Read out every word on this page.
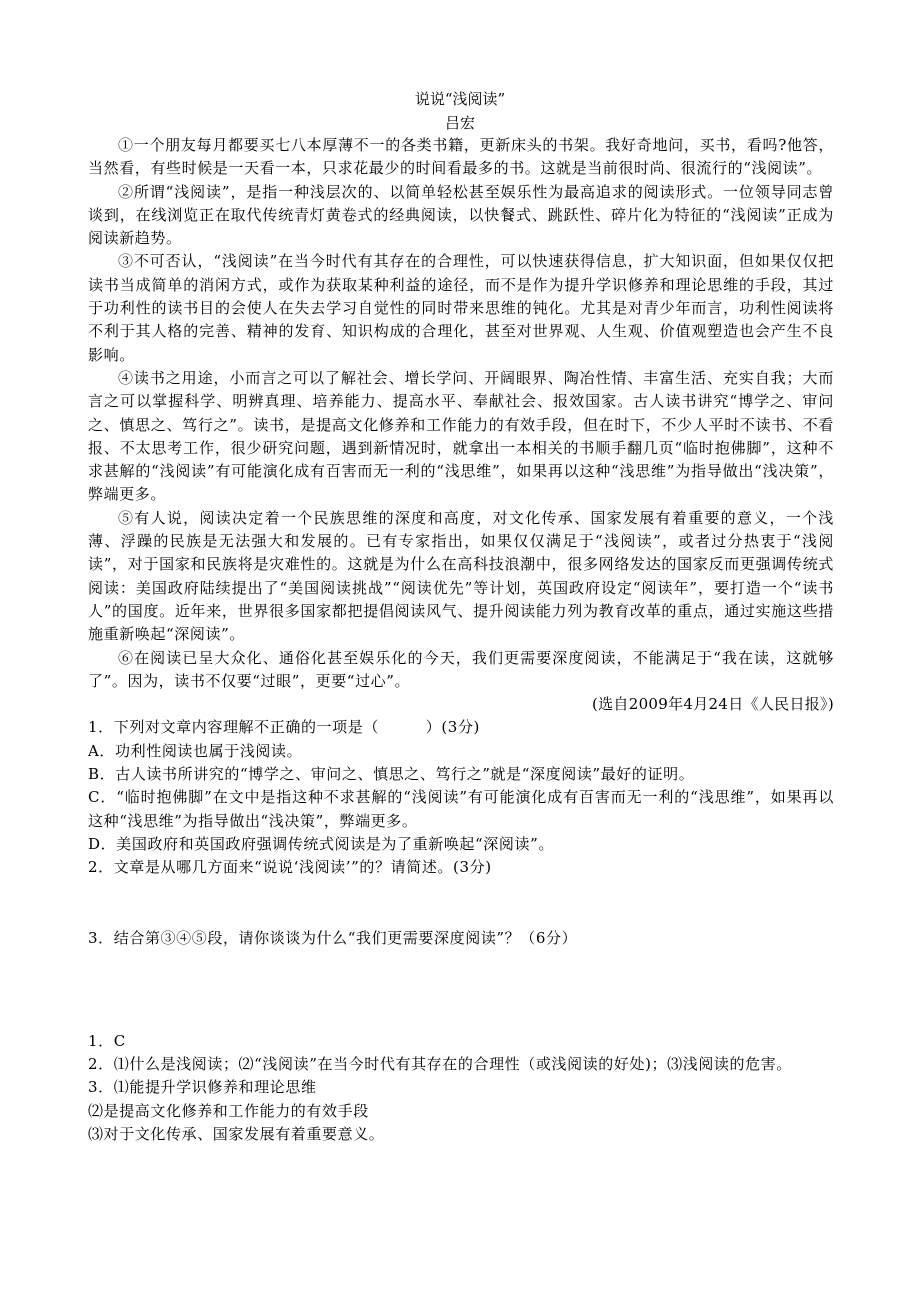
说说“浅阅读”
吕宏

①一个朋友每月都要买七八本厚薄不一的各类书籍，更新床头的书架。我好奇地问，买书，看吗?他答，当然看，有些时候是一天看一本，只求花最少的时间看最多的书。这就是当前很时尚、很流行的“浅阅读”。

②所谓“浅阅读”，是指一种浅层次的、以简单轻松甚至娱乐性为最高追求的阅读形式。一位领导同志曾谈到，在线浏览正在取代传统青灯黄卷式的经典阅读，以快餐式、跳跃性、碎片化为特征的“浅阅读”正成为阅读新趋势。

③不可否认，“浅阅读”在当今时代有其存在的合理性，可以快速获得信息，扩大知识面，但如果仅仅把读书当成简单的消闲方式，或作为获取某种利益的途径，而不是作为提升学识修养和理论思维的手段，其过于功利性的读书目的会使人在失去学习自觉性的同时带来思维的钝化。尤其是对青少年而言，功利性阅读将不利于其人格的完善、精神的发育、知识构成的合理化，甚至对世界观、人生观、价值观塑造也会产生不良影响。

④读书之用途，小而言之可以了解社会、增长学问、开阔眼界、陶冶性情、丰富生活、充实自我；大而言之可以掌握科学、明辨真理、培养能力、提高水平、奉献社会、报效国家。古人读书讲究“博学之、审问之、慎思之、笃行之”。读书，是提高文化修养和工作能力的有效手段，但在时下，不少人平时不读书、不看报、不太思考工作，很少研究问题，遇到新情况时，就拿出一本相关的书顺手翻几页“临时抱佛脚”，这种不求甚解的“浅阅读”有可能演化成有百害而无一利的“浅思维”，如果再以这种“浅思维”为指导做出“浅决策”，弊端更多。

⑤有人说，阅读决定着一个民族思维的深度和高度，对文化传承、国家发展有着重要的意义，一个浅薄、浮躁的民族是无法强大和发展的。已有专家指出，如果仅仅满足于“浅阅读”，或者过分热衷于“浅阅读”，对于国家和民族将是灾难性的。这就是为什么在高科技浪潮中，很多网络发达的国家反而更强调传统式阅读：美国政府陆续提出了“美国阅读挑战”“阅读优先”等计划，英国政府设定“阅读年”，要打造一个“读书人”的国度。近年来，世界很多国家都把提倡阅读风气、提升阅读能力列为教育改革的重点，通过实施这些措施重新唤起“深阅读”。

⑥在阅读已呈大众化、通俗化甚至娱乐化的今天，我们更需要深度阅读，不能满足于“我在读，这就够了”。因为，读书不仅要“过眼”，更要“过心”。

(选自2009年4月24日《人民日报》)

1．下列对文章内容理解不正确的一项是（　　　）(3分)

A．功利性阅读也属于浅阅读。

B．古人读书所讲究的“博学之、审问之、慎思之、笃行之”就是“深度阅读”最好的证明。

C．“临时抱佛脚”在文中是指这种不求甚解的“浅阅读”有可能演化成有百害而无一利的“浅思维”，如果再以这种“浅思维”为指导做出“浅决策”，弊端更多。

D．美国政府和英国政府强调传统式阅读是为了重新唤起“深阅读”。

2．文章是从哪几方面来“说说‘浅阅读’”的？请简述。(3分)

3．结合第③④⑤段，请你谈谈为什么“我们更需要深度阅读”？（6分）

1．C

2．⑴什么是浅阅读；⑵“浅阅读”在当今时代有其存在的合理性（或浅阅读的好处)；⑶浅阅读的危害。

3．⑴能提升学识修养和理论思维

⑵是提高文化修养和工作能力的有效手段

⑶对于文化传承、国家发展有着重要意义。
